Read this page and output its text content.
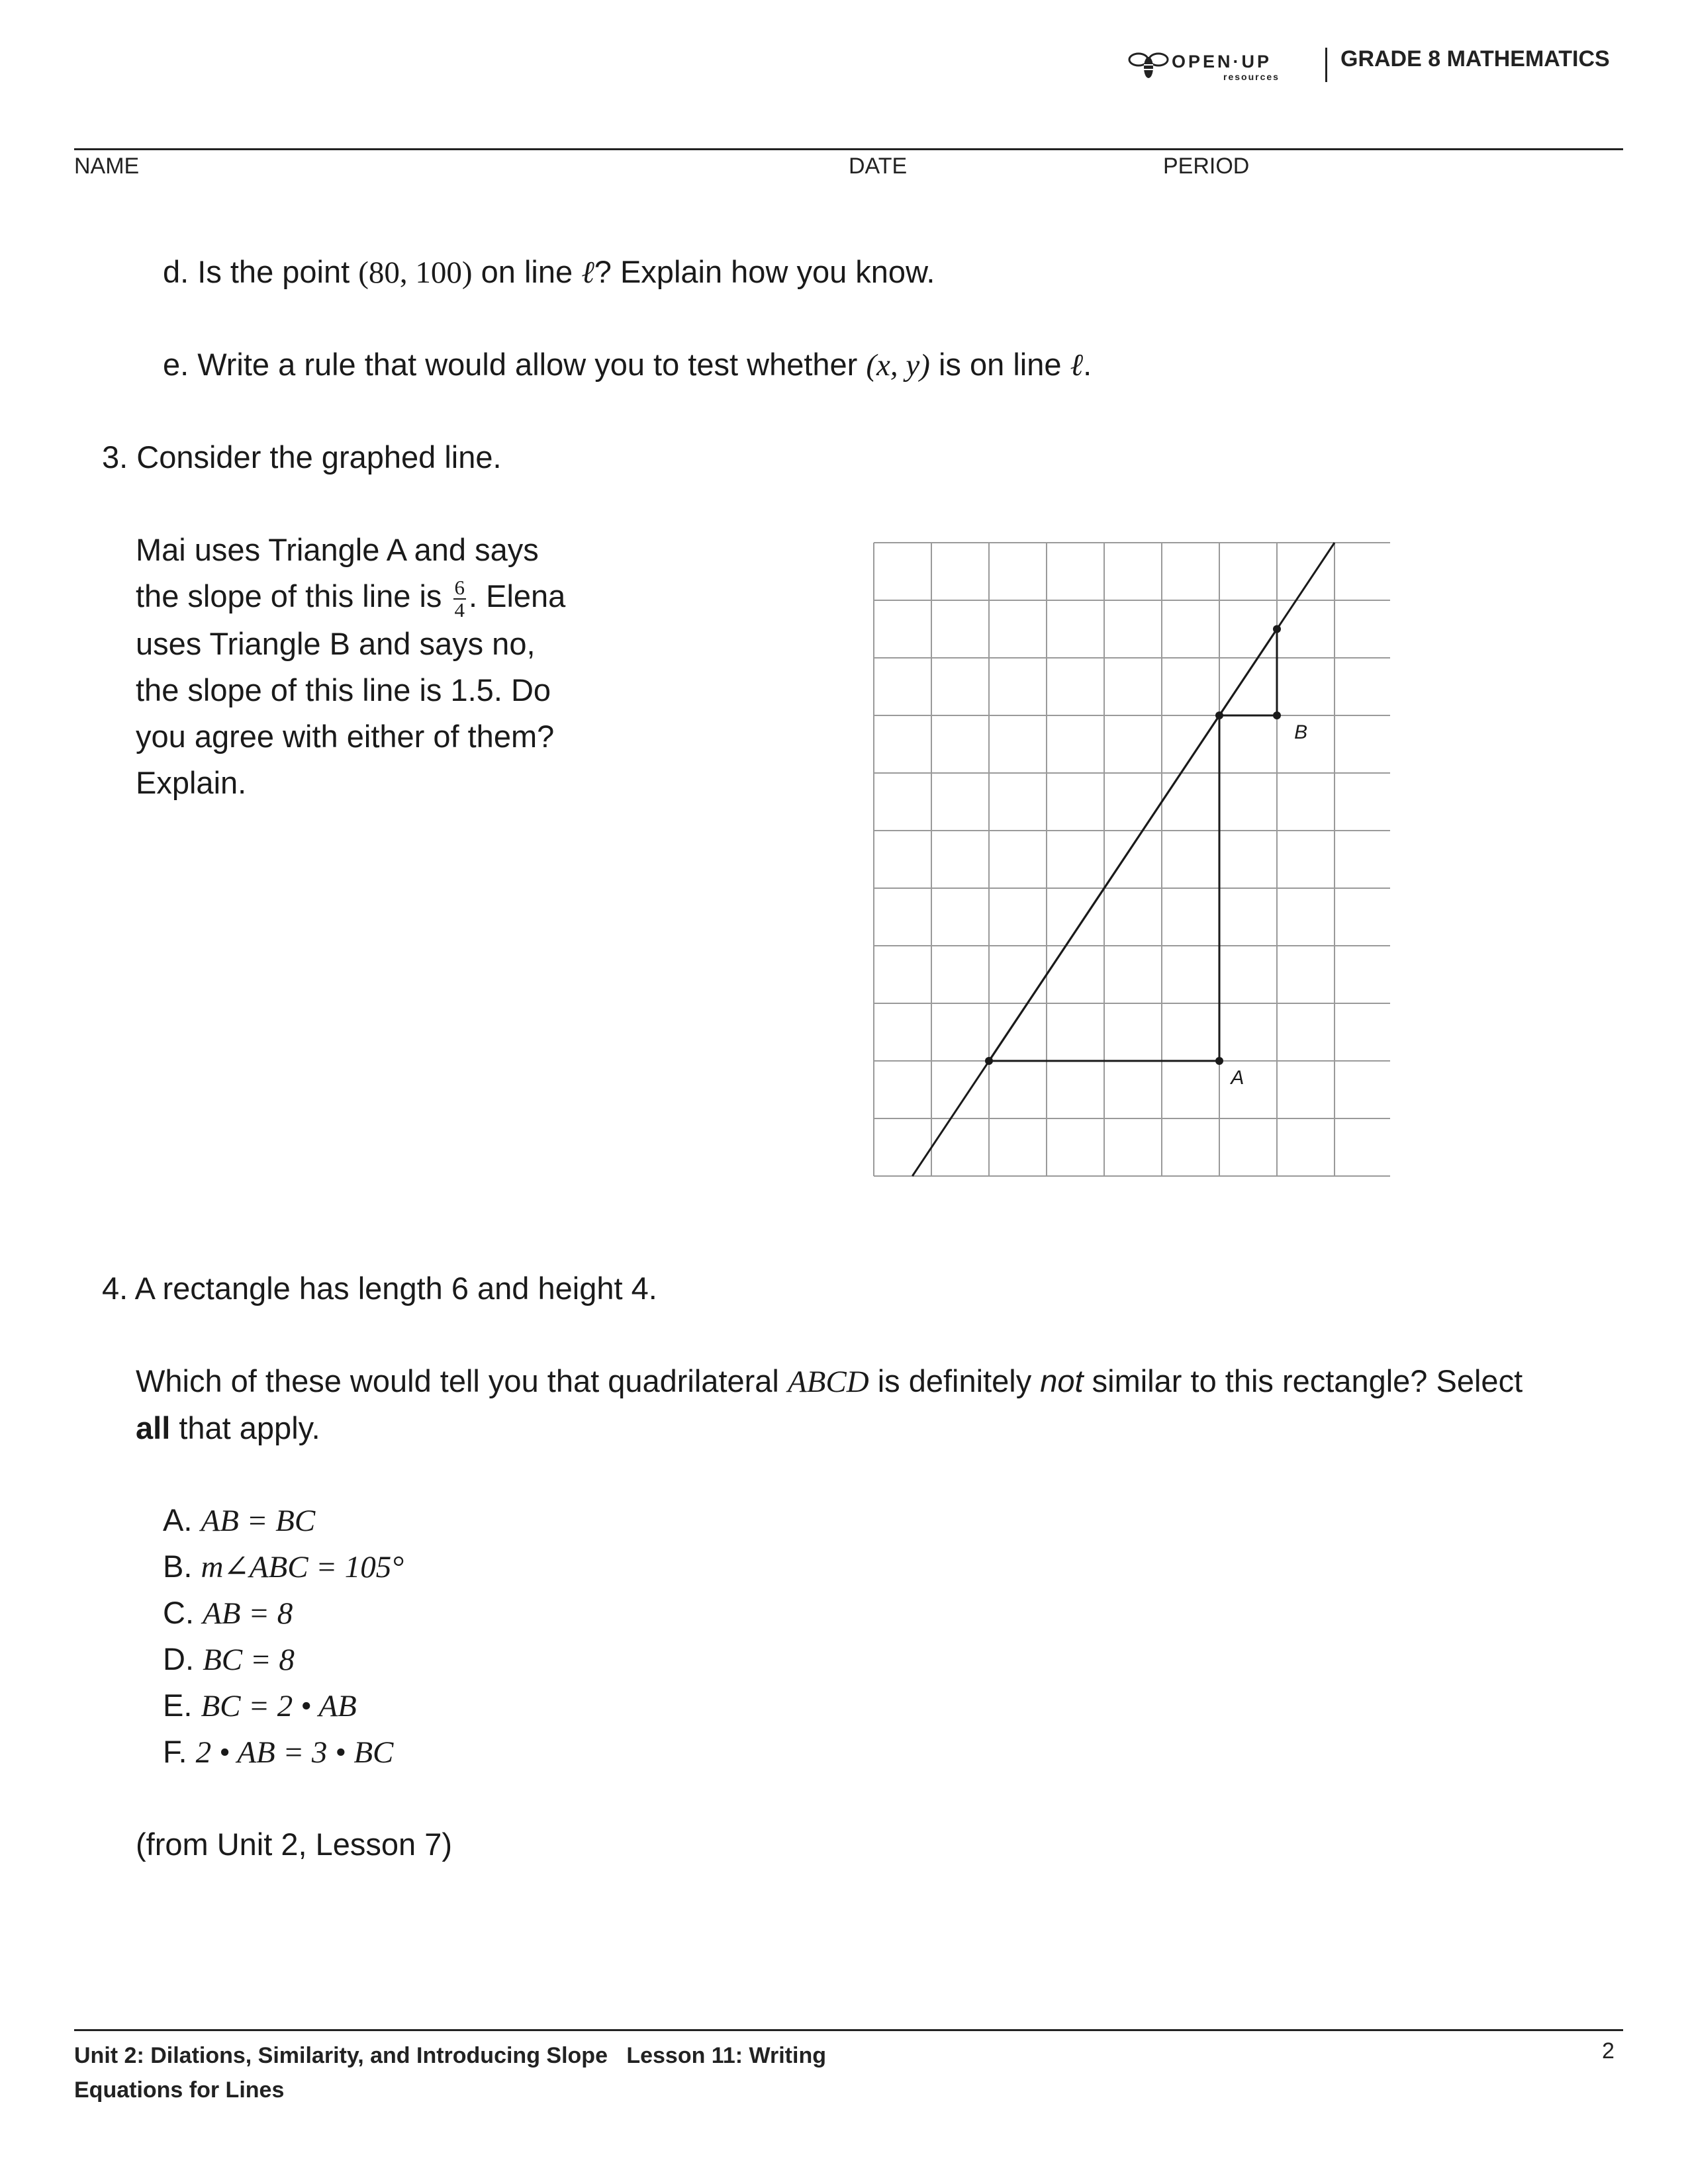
OPEN·UP
resources
GRADE 8 MATHEMATICS
NAME	DATE	PERIOD
d. Is the point (80, 100) on line ℓ? Explain how you know.
e. Write a rule that would allow you to test whether (x, y) is on line ℓ.
3. Consider the graphed line.
Mai uses Triangle A and says
the slope of this line is $\frac{6}{4}$ . Elena
uses Triangle B and says no,
the slope of this line is 1.5. Do
you agree with either of them?
Explain.
A
B
4. A rectangle has length 6 and height 4.
Which of these would tell you that quadrilateral ABCD is definitely not similar to this rectangle? Select
all that apply.
A. AB = BC
B. m∠ABC = 105°
C. AB = 8
D. BC = 8
E. BC = 2 • AB
F. 2 • AB = 3 • BC
(from Unit 2, Lesson 7)
Unit 2: Dilations, Similarity, and Introducing Slope   Lesson 11: Writing
Equations for Lines
2
